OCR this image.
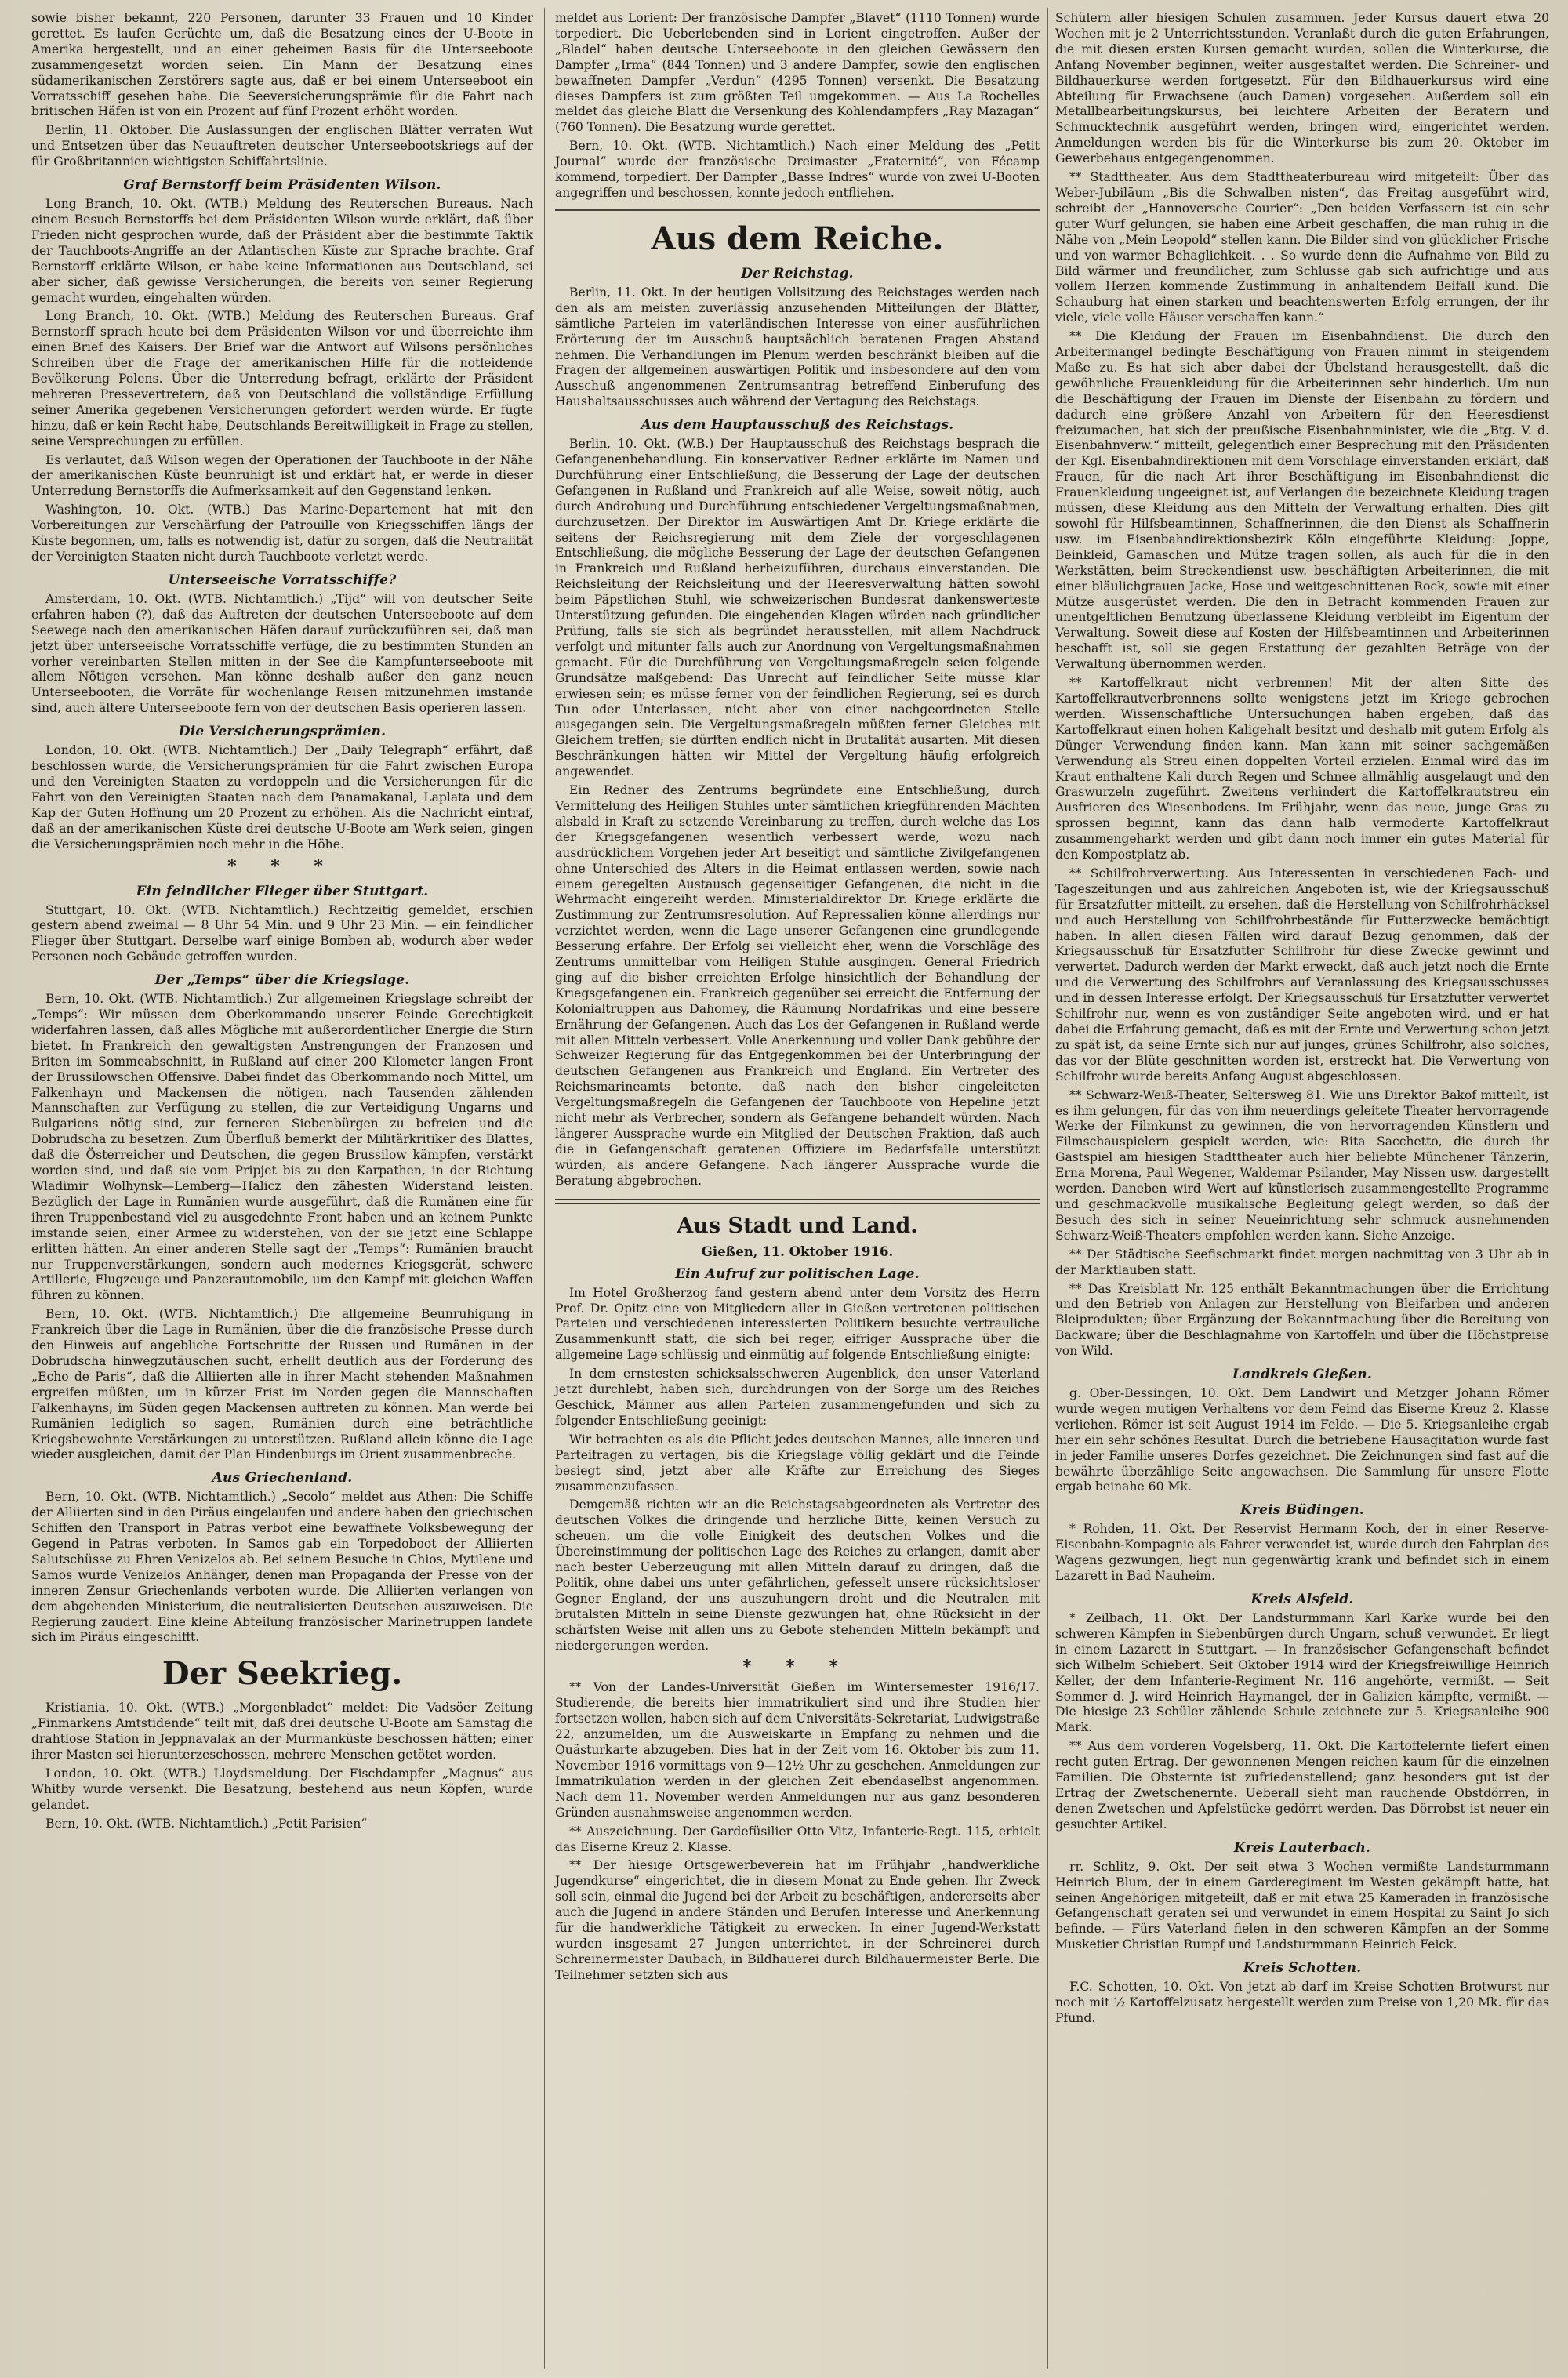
sowie bisher bekannt, 220 Personen, darunter 33 Frauen und 10 Kinder gerettet. Es laufen Gerüchte um, daß die Besatzung eines der U-Boote in Amerika hergestellt, und an einer geheimen Basis für die Unterseeboote zusammengesetzt worden seien. Ein Mann der Besatzung eines südamerikanischen Zerstörers sagte aus, daß er bei einem Unterseeboot ein Vorratsschiff gesehen habe. Die Seeversicherungsprämie für die Fahrt nach britischen Häfen ist von ein Prozent auf fünf Prozent erhöht worden.

Berlin, 11. Oktober. Die Auslassungen der englischen Blätter verraten Wut und Entsetzen über das Neuauftreten deutscher Unterseebootskriegs auf der für Großbritannien wichtigsten Schiffahrtslinie.

Graf Bernstorff beim Präsidenten Wilson.

Long Branch, 10. Okt. (WTB.) Meldung des Reuterschen Bureaus. Nach einem Besuch Bernstorffs bei dem Präsidenten Wilson wurde erklärt, daß über Frieden nicht gesprochen wurde, daß der Präsident aber die bestimmte Taktik der Tauchboots-Angriffe an der Atlantischen Küste zur Sprache brachte. Graf Bernstorff erklärte Wilson, er habe keine Informationen aus Deutschland, sei aber sicher, daß gewisse Versicherungen, die bereits von seiner Regierung gemacht wurden, eingehalten würden.

Long Branch, 10. Okt. (WTB.) Meldung des Reuterschen Bureaus. Graf Bernstorff sprach heute bei dem Präsidenten Wilson vor und überreichte ihm einen Brief des Kaisers. Der Brief war die Antwort auf Wilsons persönliches Schreiben über die Frage der amerikanischen Hilfe für die notleidende Bevölkerung Polens. Über die Unterredung befragt, erklärte der Präsident mehreren Pressevertretern, daß von Deutschland die vollständige Erfüllung seiner Amerika gegebenen Versicherungen gefordert werden würde. Er fügte hinzu, daß er kein Recht habe, Deutschlands Bereitwilligkeit in Frage zu stellen, seine Versprechungen zu erfüllen.

Es verlautet, daß Wilson wegen der Operationen der Tauchboote in der Nähe der amerikanischen Küste beunruhigt ist und erklärt hat, er werde in dieser Unterredung Bernstorffs die Aufmerksamkeit auf den Gegenstand lenken.

Washington, 10. Okt. (WTB.) Das Marine-Departement hat mit den Vorbereitungen zur Verschärfung der Patrouille von Kriegsschiffen längs der Küste begonnen, um, falls es notwendig ist, dafür zu sorgen, daß die Neutralität der Vereinigten Staaten nicht durch Tauchboote verletzt werde.

Unterseeische Vorratsschiffe?

Amsterdam, 10. Okt. (WTB. Nichtamtlich.) „Tijd“ will von deutscher Seite erfahren haben (?), daß das Auftreten der deutschen Unterseeboote auf dem Seewege nach den amerikanischen Häfen darauf zurückzuführen sei, daß man jetzt über unterseeische Vorratsschiffe verfüge, die zu bestimmten Stunden an vorher vereinbarten Stellen mitten in der See die Kampfunterseeboote mit allem Nötigen versehen. Man könne deshalb außer den ganz neuen Unterseebooten, die Vorräte für wochenlange Reisen mitzunehmen imstande sind, auch ältere Unterseeboote fern von der deutschen Basis operieren lassen.

Die Versicherungsprämien.

London, 10. Okt. (WTB. Nichtamtlich.) Der „Daily Telegraph“ erfährt, daß beschlossen wurde, die Versicherungsprämien für die Fahrt zwischen Europa und den Vereinigten Staaten zu verdoppeln und die Versicherungen für die Fahrt von den Vereinigten Staaten nach dem Panamakanal, Laplata und dem Kap der Guten Hoffnung um 20 Prozent zu erhöhen. Als die Nachricht eintraf, daß an der amerikanischen Küste drei deutsche U-Boote am Werk seien, gingen die Versicherungsprämien noch mehr in die Höhe.

* * *
Ein feindlicher Flieger über Stuttgart.

Stuttgart, 10. Okt. (WTB. Nichtamtlich.) Rechtzeitig gemeldet, erschien gestern abend zweimal — 8 Uhr 54 Min. und 9 Uhr 23 Min. — ein feindlicher Flieger über Stuttgart. Derselbe warf einige Bomben ab, wodurch aber weder Personen noch Gebäude getroffen wurden.

Der „Temps“ über die Kriegslage.

Bern, 10. Okt. (WTB. Nichtamtlich.) Zur allgemeinen Kriegslage schreibt der „Temps“: Wir müssen dem Oberkommando unserer Feinde Gerechtigkeit widerfahren lassen, daß alles Mögliche mit außerordentlicher Energie die Stirn bietet. In Frankreich den gewaltigsten Anstrengungen der Franzosen und Briten im Sommeabschnitt, in Rußland auf einer 200 Kilometer langen Front der Brussilowschen Offensive. Dabei findet das Oberkommando noch Mittel, um Falkenhayn und Mackensen die nötigen, nach Tausenden zählenden Mannschaften zur Verfügung zu stellen, die zur Verteidigung Ungarns und Bulgariens nötig sind, zur ferneren Siebenbürgen zu befreien und die Dobrudscha zu besetzen. Zum Überfluß bemerkt der Militärkritiker des Blattes, daß die Österreicher und Deutschen, die gegen Brussilow kämpfen, verstärkt worden sind, und daß sie vom Pripjet bis zu den Karpathen, in der Richtung Wladimir Wolhynsk—Lemberg—Halicz den zähesten Widerstand leisten. Bezüglich der Lage in Rumänien wurde ausgeführt, daß die Rumänen eine für ihren Truppenbestand viel zu ausgedehnte Front haben und an keinem Punkte imstande seien, einer Armee zu widerstehen, von der sie jetzt eine Schlappe erlitten hätten. An einer anderen Stelle sagt der „Temps“: Rumänien braucht nur Truppenverstärkungen, sondern auch modernes Kriegsgerät, schwere Artillerie, Flugzeuge und Panzerautomobile, um den Kampf mit gleichen Waffen führen zu können.

Bern, 10. Okt. (WTB. Nichtamtlich.) Die allgemeine Beunruhigung in Frankreich über die Lage in Rumänien, über die die französische Presse durch den Hinweis auf angebliche Fortschritte der Russen und Rumänen in der Dobrudscha hinwegzutäuschen sucht, erhellt deutlich aus der Forderung des „Echo de Paris“, daß die Alliierten alle in ihrer Macht stehenden Maßnahmen ergreifen müßten, um in kürzer Frist im Norden gegen die Mannschaften Falkenhayns, im Süden gegen Mackensen auftreten zu können. Man werde bei Rumänien lediglich so sagen, Rumänien durch eine beträchtliche Kriegsbewohnte Verstärkungen zu unterstützen. Rußland allein könne die Lage wieder ausgleichen, damit der Plan Hindenburgs im Orient zusammenbreche.

Aus Griechenland.

Bern, 10. Okt. (WTB. Nichtamtlich.) „Secolo“ meldet aus Athen: Die Schiffe der Alliierten sind in den Piräus eingelaufen und andere haben den griechischen Schiffen den Transport in Patras verbot eine bewaffnete Volksbewegung der Gegend in Patras verboten. In Samos gab ein Torpedoboot der Alliierten Salutschüsse zu Ehren Venizelos ab. Bei seinem Besuche in Chios, Mytilene und Samos wurde Venizelos Anhänger, denen man Propaganda der Presse von der inneren Zensur Griechenlands verboten wurde. Die Alliierten verlangen von dem abgehenden Ministerium, die neutralisierten Deutschen auszuweisen. Die Regierung zaudert. Eine kleine Abteilung französischer Marinetruppen landete sich im Piräus eingeschifft.

Der Seekrieg.

Kristiania, 10. Okt. (WTB.) „Morgenbladet“ meldet: Die Vadsöer Zeitung „Finmarkens Amtstidende“ teilt mit, daß drei deutsche U-Boote am Samstag die drahtlose Station in Jeppnavalak an der Murmanküste beschossen hätten; einer ihrer Masten sei hierunterzeschossen, mehrere Menschen getötet worden.

London, 10. Okt. (WTB.) Lloydsmeldung. Der Fischdampfer „Magnus“ aus Whitby wurde versenkt. Die Besatzung, bestehend aus neun Köpfen, wurde gelandet.

Bern, 10. Okt. (WTB. Nichtamtlich.) „Petit Parisien“

meldet aus Lorient: Der französische Dampfer „Blavet“ (1110 Tonnen) wurde torpediert. Die Ueberlebenden sind in Lorient eingetroffen. Außer der „Bladel“ haben deutsche Unterseeboote in den gleichen Gewässern den Dampfer „Irma“ (844 Tonnen) und 3 andere Dampfer, sowie den englischen bewaffneten Dampfer „Verdun“ (4295 Tonnen) versenkt. Die Besatzung dieses Dampfers ist zum größten Teil umgekommen. — Aus La Rochelles meldet das gleiche Blatt die Versenkung des Kohlendampfers „Ray Mazagan“ (760 Tonnen). Die Besatzung wurde gerettet.

Bern, 10. Okt. (WTB. Nichtamtlich.) Nach einer Meldung des „Petit Journal“ wurde der französische Dreimaster „Fraternité“, von Fécamp kommend, torpediert. Der Dampfer „Basse Indres“ wurde von zwei U-Booten angegriffen und beschossen, konnte jedoch entfliehen.

Aus dem Reiche.
Der Reichstag.

Berlin, 11. Okt. In der heutigen Vollsitzung des Reichstages werden nach den als am meisten zuverlässig anzusehenden Mitteilungen der Blätter, sämtliche Parteien im vaterländischen Interesse von einer ausführlichen Erörterung der im Ausschuß hauptsächlich beratenen Fragen Abstand nehmen. Die Verhandlungen im Plenum werden beschränkt bleiben auf die Fragen der allgemeinen auswärtigen Politik und insbesondere auf den vom Ausschuß angenommenen Zentrumsantrag betreffend Einberufung des Haushaltsausschusses auch während der Vertagung des Reichstags.

Aus dem Hauptausschuß des Reichstags.

Berlin, 10. Okt. (W.B.) Der Hauptausschuß des Reichstags besprach die Gefangenenbehandlung. Ein konservativer Redner erklärte im Namen und Durchführung einer Entschließung, die Besserung der Lage der deutschen Gefangenen in Rußland und Frankreich auf alle Weise, soweit nötig, auch durch Androhung und Durchführung entschiedener Vergeltungsmaßnahmen, durchzusetzen. Der Direktor im Auswärtigen Amt Dr. Kriege erklärte die seitens der Reichsregierung mit dem Ziele der vorgeschlagenen Entschließung, die mögliche Besserung der Lage der deutschen Gefangenen in Frankreich und Rußland herbeizuführen, durchaus einverstanden. Die Reichsleitung der Reichsleitung und der Heeresverwaltung hätten sowohl beim Päpstlichen Stuhl, wie schweizerischen Bundesrat dankenswerteste Unterstützung gefunden. Die eingehenden Klagen würden nach gründlicher Prüfung, falls sie sich als begründet herausstellen, mit allem Nachdruck verfolgt und mitunter falls auch zur Anordnung von Vergeltungsmaßnahmen gemacht. Für die Durchführung von Vergeltungsmaßregeln seien folgende Grundsätze maßgebend: Das Unrecht auf feindlicher Seite müsse klar erwiesen sein; es müsse ferner von der feindlichen Regierung, sei es durch Tun oder Unterlassen, nicht aber von einer nachgeordneten Stelle ausgegangen sein. Die Vergeltungsmaßregeln müßten ferner Gleiches mit Gleichem treffen; sie dürften endlich nicht in Brutalität ausarten. Mit diesen Beschränkungen hätten wir Mittel der Vergeltung häufig erfolgreich angewendet.

Ein Redner des Zentrums begründete eine Entschließung, durch Vermittelung des Heiligen Stuhles unter sämtlichen kriegführenden Mächten alsbald in Kraft zu setzende Vereinbarung zu treffen, durch welche das Los der Kriegsgefangenen wesentlich verbessert werde, wozu nach ausdrücklichem Vorgehen jeder Art beseitigt und sämtliche Zivilgefangenen ohne Unterschied des Alters in die Heimat entlassen werden, sowie nach einem geregelten Austausch gegenseitiger Gefangenen, die nicht in die Wehrmacht eingereiht werden. Ministerialdirektor Dr. Kriege erklärte die Zustimmung zur Zentrumsresolution. Auf Repressalien könne allerdings nur verzichtet werden, wenn die Lage unserer Gefangenen eine grundlegende Besserung erfahre. Der Erfolg sei vielleicht eher, wenn die Vorschläge des Zentrums unmittelbar vom Heiligen Stuhle ausgingen. General Friedrich ging auf die bisher erreichten Erfolge hinsichtlich der Behandlung der Kriegsgefangenen ein. Frankreich gegenüber sei erreicht die Entfernung der Kolonialtruppen aus Dahomey, die Räumung Nordafrikas und eine bessere Ernährung der Gefangenen. Auch das Los der Gefangenen in Rußland werde mit allen Mitteln verbessert. Volle Anerkennung und voller Dank gebühre der Schweizer Regierung für das Entgegenkommen bei der Unterbringung der deutschen Gefangenen aus Frankreich und England. Ein Vertreter des Reichsmarineamts betonte, daß nach den bisher eingeleiteten Vergeltungsmaßregeln die Gefangenen der Tauchboote von Hepeline jetzt nicht mehr als Verbrecher, sondern als Gefangene behandelt würden. Nach längerer Aussprache wurde ein Mitglied der Deutschen Fraktion, daß auch die in Gefangenschaft geratenen Offiziere im Bedarfsfalle unterstützt würden, als andere Gefangene. Nach längerer Aussprache wurde die Beratung abgebrochen.

Aus Stadt und Land.
Gießen, 11. Oktober 1916.
Ein Aufruf zur politischen Lage.

Im Hotel Großherzog fand gestern abend unter dem Vorsitz des Herrn Prof. Dr. Opitz eine von Mitgliedern aller in Gießen vertretenen politischen Parteien und verschiedenen interessierten Politikern besuchte vertrauliche Zusammenkunft statt, die sich bei reger, eifriger Aussprache über die allgemeine Lage schlüssig und einmütig auf folgende Entschließung einigte:

In dem ernstesten schicksalsschweren Augenblick, den unser Vaterland jetzt durchlebt, haben sich, durchdrungen von der Sorge um des Reiches Geschick, Männer aus allen Parteien zusammengefunden und sich zu folgender Entschließung geeinigt:

Wir betrachten es als die Pflicht jedes deutschen Mannes, alle inneren und Parteifragen zu vertagen, bis die Kriegslage völlig geklärt und die Feinde besiegt sind, jetzt aber alle Kräfte zur Erreichung des Sieges zusammenzufassen.

Demgemäß richten wir an die Reichstagsabgeordneten als Vertreter des deutschen Volkes die dringende und herzliche Bitte, keinen Versuch zu scheuen, um die volle Einigkeit des deutschen Volkes und die Übereinstimmung der politischen Lage des Reiches zu erlangen, damit aber nach bester Ueberzeugung mit allen Mitteln darauf zu dringen, daß die Politik, ohne dabei uns unter gefährlichen, gefesselt unsere rücksichtsloser Gegner England, der uns auszuhungern droht und die Neutralen mit brutalsten Mitteln in seine Dienste gezwungen hat, ohne Rücksicht in der schärfsten Weise mit allen uns zu Gebote stehenden Mitteln bekämpft und niedergerungen werden.

* * *

** Von der Landes-Universität Gießen im Wintersemester 1916/17. Studierende, die bereits hier immatrikuliert sind und ihre Studien hier fortsetzen wollen, haben sich auf dem Universitäts-Sekretariat, Ludwigstraße 22, anzumelden, um die Ausweiskarte in Empfang zu nehmen und die Quästurkarte abzugeben. Dies hat in der Zeit vom 16. Oktober bis zum 11. November 1916 vormittags von 9—12½ Uhr zu geschehen. Anmeldungen zur Immatrikulation werden in der gleichen Zeit ebendaselbst angenommen. Nach dem 11. November werden Anmeldungen nur aus ganz besonderen Gründen ausnahmsweise angenommen werden.

** Auszeichnung. Der Gardefüsilier Otto Vitz, Infanterie-Regt. 115, erhielt das Eiserne Kreuz 2. Klasse.

** Der hiesige Ortsgewerbeverein hat im Frühjahr „handwerkliche Jugendkurse“ eingerichtet, die in diesem Monat zu Ende gehen. Ihr Zweck soll sein, einmal die Jugend bei der Arbeit zu beschäftigen, andererseits aber auch die Jugend in andere Ständen und Berufen Interesse und Anerkennung für die handwerkliche Tätigkeit zu erwecken. In einer Jugend-Werkstatt wurden insgesamt 27 Jungen unterrichtet, in der Schreinerei durch Schreinermeister Daubach, in Bildhauerei durch Bildhauermeister Berle. Die Teilnehmer setzten sich aus

Schülern aller hiesigen Schulen zusammen. Jeder Kursus dauert etwa 20 Wochen mit je 2 Unterrichtsstunden. Veranlaßt durch die guten Erfahrungen, die mit diesen ersten Kursen gemacht wurden, sollen die Winterkurse, die Anfang November beginnen, weiter ausgestaltet werden. Die Schreiner- und Bildhauerkurse werden fortgesetzt. Für den Bildhauerkursus wird eine Abteilung für Erwachsene (auch Damen) vorgesehen. Außerdem soll ein Metallbearbeitungskursus, bei leichtere Arbeiten der Beratern und Schmucktechnik ausgeführt werden, bringen wird, eingerichtet werden. Anmeldungen werden bis für die Winterkurse bis zum 20. Oktober im Gewerbehaus entgegengenommen.

** Stadttheater. Aus dem Stadttheaterbureau wird mitgeteilt: Über das Weber-Jubiläum „Bis die Schwalben nisten“, das Freitag ausgeführt wird, schreibt der „Hannoversche Courier“: „Den beiden Verfassern ist ein sehr guter Wurf gelungen, sie haben eine Arbeit geschaffen, die man ruhig in die Nähe von „Mein Leopold“ stellen kann. Die Bilder sind von glücklicher Frische und von warmer Behaglichkeit. . . So wurde denn die Aufnahme von Bild zu Bild wärmer und freundlicher, zum Schlusse gab sich aufrichtige und aus vollem Herzen kommende Zustimmung in anhaltendem Beifall kund. Die Schauburg hat einen starken und beachtenswerten Erfolg errungen, der ihr viele, viele volle Häuser verschaffen kann.“

** Die Kleidung der Frauen im Eisenbahndienst. Die durch den Arbeitermangel bedingte Beschäftigung von Frauen nimmt in steigendem Maße zu. Es hat sich aber dabei der Übelstand herausgestellt, daß die gewöhnliche Frauenkleidung für die Arbeiterinnen sehr hinderlich. Um nun die Beschäftigung der Frauen im Dienste der Eisenbahn zu fördern und dadurch eine größere Anzahl von Arbeitern für den Heeresdienst freizumachen, hat sich der preußische Eisenbahnminister, wie die „Btg. V. d. Eisenbahnverw.“ mitteilt, gelegentlich einer Besprechung mit den Präsidenten der Kgl. Eisenbahndirektionen mit dem Vorschlage einverstanden erklärt, daß Frauen, für die nach Art ihrer Beschäftigung im Eisenbahndienst die Frauenkleidung ungeeignet ist, auf Verlangen die bezeichnete Kleidung tragen müssen, diese Kleidung aus den Mitteln der Verwaltung erhalten. Dies gilt sowohl für Hilfsbeamtinnen, Schaffnerinnen, die den Dienst als Schaffnerin usw. im Eisenbahndirektionsbezirk Köln eingeführte Kleidung: Joppe, Beinkleid, Gamaschen und Mütze tragen sollen, als auch für die in den Werkstätten, beim Streckendienst usw. beschäftigten Arbeiterinnen, die mit einer bläulichgrauen Jacke, Hose und weitgeschnittenen Rock, sowie mit einer Mütze ausgerüstet werden. Die den in Betracht kommenden Frauen zur unentgeltlichen Benutzung überlassene Kleidung verbleibt im Eigentum der Verwaltung. Soweit diese auf Kosten der Hilfsbeamtinnen und Arbeiterinnen beschafft ist, soll sie gegen Erstattung der gezahlten Beträge von der Verwaltung übernommen werden.

** Kartoffelkraut nicht verbrennen! Mit der alten Sitte des Kartoffelkrautverbrennens sollte wenigstens jetzt im Kriege gebrochen werden. Wissenschaftliche Untersuchungen haben ergeben, daß das Kartoffelkraut einen hohen Kaligehalt besitzt und deshalb mit gutem Erfolg als Dünger Verwendung finden kann. Man kann mit seiner sachgemäßen Verwendung als Streu einen doppelten Vorteil erzielen. Einmal wird das im Kraut enthaltene Kali durch Regen und Schnee allmählig ausgelaugt und den Graswurzeln zugeführt. Zweitens verhindert die Kartoffelkrautstreu ein Ausfrieren des Wiesenbodens. Im Frühjahr, wenn das neue, junge Gras zu sprossen beginnt, kann das dann halb vermoderte Kartoffelkraut zusammengeharkt werden und gibt dann noch immer ein gutes Material für den Kompostplatz ab.

** Schilfrohrverwertung. Aus Interessenten in verschiedenen Fach- und Tageszeitungen und aus zahlreichen Angeboten ist, wie der Kriegsausschuß für Ersatzfutter mitteilt, zu ersehen, daß die Herstellung von Schilfrohrhäcksel und auch Herstellung von Schilfrohrbestände für Futterzwecke bemächtigt haben. In allen diesen Fällen wird darauf Bezug genommen, daß der Kriegsausschuß für Ersatzfutter Schilfrohr für diese Zwecke gewinnt und verwertet. Dadurch werden der Markt erweckt, daß auch jetzt noch die Ernte und die Verwertung des Schilfrohrs auf Veranlassung des Kriegsausschusses und in dessen Interesse erfolgt. Der Kriegsausschuß für Ersatzfutter verwertet Schilfrohr nur, wenn es von zuständiger Seite angeboten wird, und er hat dabei die Erfahrung gemacht, daß es mit der Ernte und Verwertung schon jetzt zu spät ist, da seine Ernte sich nur auf junges, grünes Schilfrohr, also solches, das vor der Blüte geschnitten worden ist, erstreckt hat. Die Verwertung von Schilfrohr wurde bereits Anfang August abgeschlossen.

** Schwarz-Weiß-Theater, Seltersweg 81. Wie uns Direktor Bakof mitteilt, ist es ihm gelungen, für das von ihm neuerdings geleitete Theater hervorragende Werke der Filmkunst zu gewinnen, die von hervorragenden Künstlern und Filmschauspielern gespielt werden, wie: Rita Sacchetto, die durch ihr Gastspiel am hiesigen Stadttheater auch hier beliebte Münchener Tänzerin, Erna Morena, Paul Wegener, Waldemar Psilander, May Nissen usw. dargestellt werden. Daneben wird Wert auf künstlerisch zusammengestellte Programme und geschmackvolle musikalische Begleitung gelegt werden, so daß der Besuch des sich in seiner Neueinrichtung sehr schmuck ausnehmenden Schwarz-Weiß-Theaters empfohlen werden kann. Siehe Anzeige.

** Der Städtische Seefischmarkt findet morgen nachmittag von 3 Uhr ab in der Marktlauben statt.

** Das Kreisblatt Nr. 125 enthält Bekanntmachungen über die Errichtung und den Betrieb von Anlagen zur Herstellung von Bleifarben und anderen Bleiprodukten; über Ergänzung der Bekanntmachung über die Bereitung von Backware; über die Beschlagnahme von Kartoffeln und über die Höchstpreise von Wild.

Landkreis Gießen.

g. Ober-Bessingen, 10. Okt. Dem Landwirt und Metzger Johann Römer wurde wegen mutigen Verhaltens vor dem Feind das Eiserne Kreuz 2. Klasse verliehen. Römer ist seit August 1914 im Felde. — Die 5. Kriegsanleihe ergab hier ein sehr schönes Resultat. Durch die betriebene Hausagitation wurde fast in jeder Familie unseres Dorfes gezeichnet. Die Zeichnungen sind fast auf die bewährte überzählige Seite angewachsen. Die Sammlung für unsere Flotte ergab beinahe 60 Mk.

Kreis Büdingen.

* Rohden, 11. Okt. Der Reservist Hermann Koch, der in einer Reserve-Eisenbahn-Kompagnie als Fahrer verwendet ist, wurde durch den Fahrplan des Wagens gezwungen, liegt nun gegenwärtig krank und befindet sich in einem Lazarett in Bad Nauheim.

Kreis Alsfeld.

* Zeilbach, 11. Okt. Der Landsturmmann Karl Karke wurde bei den schweren Kämpfen in Siebenbürgen durch Ungarn, schuß verwundet. Er liegt in einem Lazarett in Stuttgart. — In französischer Gefangenschaft befindet sich Wilhelm Schiebert. Seit Oktober 1914 wird der Kriegsfreiwillige Heinrich Keller, der dem Infanterie-Regiment Nr. 116 angehörte, vermißt. — Seit Sommer d. J. wird Heinrich Haymangel, der in Galizien kämpfte, vermißt. — Die hiesige 23 Schüler zählende Schule zeichnete zur 5. Kriegsanleihe 900 Mark.

** Aus dem vorderen Vogelsberg, 11. Okt. Die Kartoffelernte liefert einen recht guten Ertrag. Der gewonnenen Mengen reichen kaum für die einzelnen Familien. Die Obsternte ist zufriedenstellend; ganz besonders gut ist der Ertrag der Zwetschenernte. Ueberall sieht man rauchende Obstdörren, in denen Zwetschen und Apfelstücke gedörrt werden. Das Dörrobst ist neuer ein gesuchter Artikel.

Kreis Lauterbach.

rr. Schlitz, 9. Okt. Der seit etwa 3 Wochen vermißte Landsturmmann Heinrich Blum, der in einem Garderegiment im Westen gekämpft hatte, hat seinen Angehörigen mitgeteilt, daß er mit etwa 25 Kameraden in französische Gefangenschaft geraten sei und verwundet in einem Hospital zu Saint Jo sich befinde. — Fürs Vaterland fielen in den schweren Kämpfen an der Somme Musketier Christian Rumpf und Landsturmmann Heinrich Feick.

Kreis Schotten.

F.C. Schotten, 10. Okt. Von jetzt ab darf im Kreise Schotten Brotwurst nur noch mit ½ Kartoffelzusatz hergestellt werden zum Preise von 1,20 Mk. für das Pfund.
